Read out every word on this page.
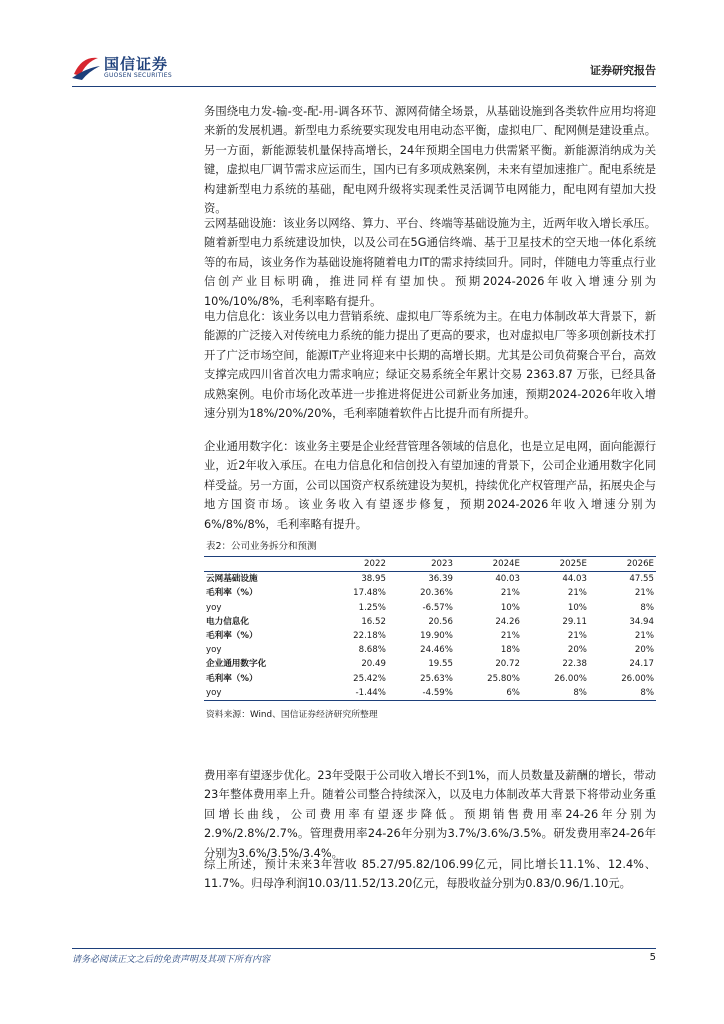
国信证券
GUOSEN SECURITIES	证券研究报告

务围绕电力发-输-变-配-用-调各环节、源网荷储全场景，从基础设施到各类软件应用均将迎来新的发展机遇。新型电力系统要实现发电用电动态平衡，虚拟电厂、配网侧是建设重点。另一方面，新能源装机量保持高增长，24年预期全国电力供需紧平衡。新能源消纳成为关键，虚拟电厂调节需求应运而生，国内已有多项成熟案例，未来有望加速推广。配电系统是构建新型电力系统的基础，配电网升级将实现柔性灵活调节电网能力，配电网有望加大投资。

云网基础设施：该业务以网络、算力、平台、终端等基础设施为主，近两年收入增长承压。随着新型电力系统建设加快，以及公司在5G通信终端、基于卫星技术的空天地一体化系统等的布局，该业务作为基础设施将随着电力IT的需求持续回升。同时，伴随电力等重点行业信创产业目标明确，推进同样有望加快。预期2024-2026年收入增速分别为10%/10%/8%，毛利率略有提升。

电力信息化：该业务以电力营销系统、虚拟电厂等系统为主。在电力体制改革大背景下，新能源的广泛接入对传统电力系统的能力提出了更高的要求，也对虚拟电厂等多项创新技术打开了广泛市场空间，能源IT产业将迎来中长期的高增长期。尤其是公司负荷聚合平台，高效支撑完成四川省首次电力需求响应；绿证交易系统全年累计交易 2363.87 万张，已经具备成熟案例。电价市场化改革进一步推进将促进公司新业务加速，预期2024-2026年收入增速分别为18%/20%/20%，毛利率随着软件占比提升而有所提升。

企业通用数字化：该业务主要是企业经营管理各领域的信息化，也是立足电网，面向能源行业，近2年收入承压。在电力信息化和信创投入有望加速的背景下，公司企业通用数字化同样受益。另一方面，公司以国资产权系统建设为契机，持续优化产权管理产品，拓展央企与地方国资市场。该业务收入有望逐步修复，预期2024-2026年收入增速分别为6%/8%/8%，毛利率略有提升。

表2：公司业务拆分和预测
	2022	2023	2024E	2025E	2026E
云网基础设施	38.95	36.39	40.03	44.03	47.55
毛利率（%）	17.48%	20.36%	21%	21%	21%
yoy	1.25%	-6.57%	10%	10%	8%
电力信息化	16.52	20.56	24.26	29.11	34.94
毛利率（%）	22.18%	19.90%	21%	21%	21%
yoy	8.68%	24.46%	18%	20%	20%
企业通用数字化	20.49	19.55	20.72	22.38	24.17
毛利率（%）	25.42%	25.63%	25.80%	26.00%	26.00%
yoy	-1.44%	-4.59%	6%	8%	8%
资料来源：Wind、国信证券经济研究所整理

费用率有望逐步优化。23年受限于公司收入增长不到1%，而人员数量及薪酬的增长，带动23年整体费用率上升。随着公司整合持续深入，以及电力体制改革大背景下将带动业务重回增长曲线，公司费用率有望逐步降低。预期销售费用率24-26年分别为2.9%/2.8%/2.7%。管理费用率24-26年分别为3.7%/3.6%/3.5%。研发费用率24-26年分别为3.6%/3.5%/3.4%。

综上所述，预计未来3年营收 85.27/95.82/106.99亿元，同比增长11.1%、12.4%、11.7%。归母净利润10.03/11.52/13.20亿元，每股收益分别为0.83/0.96/1.10元。

请务必阅读正文之后的免责声明及其项下所有内容	5
